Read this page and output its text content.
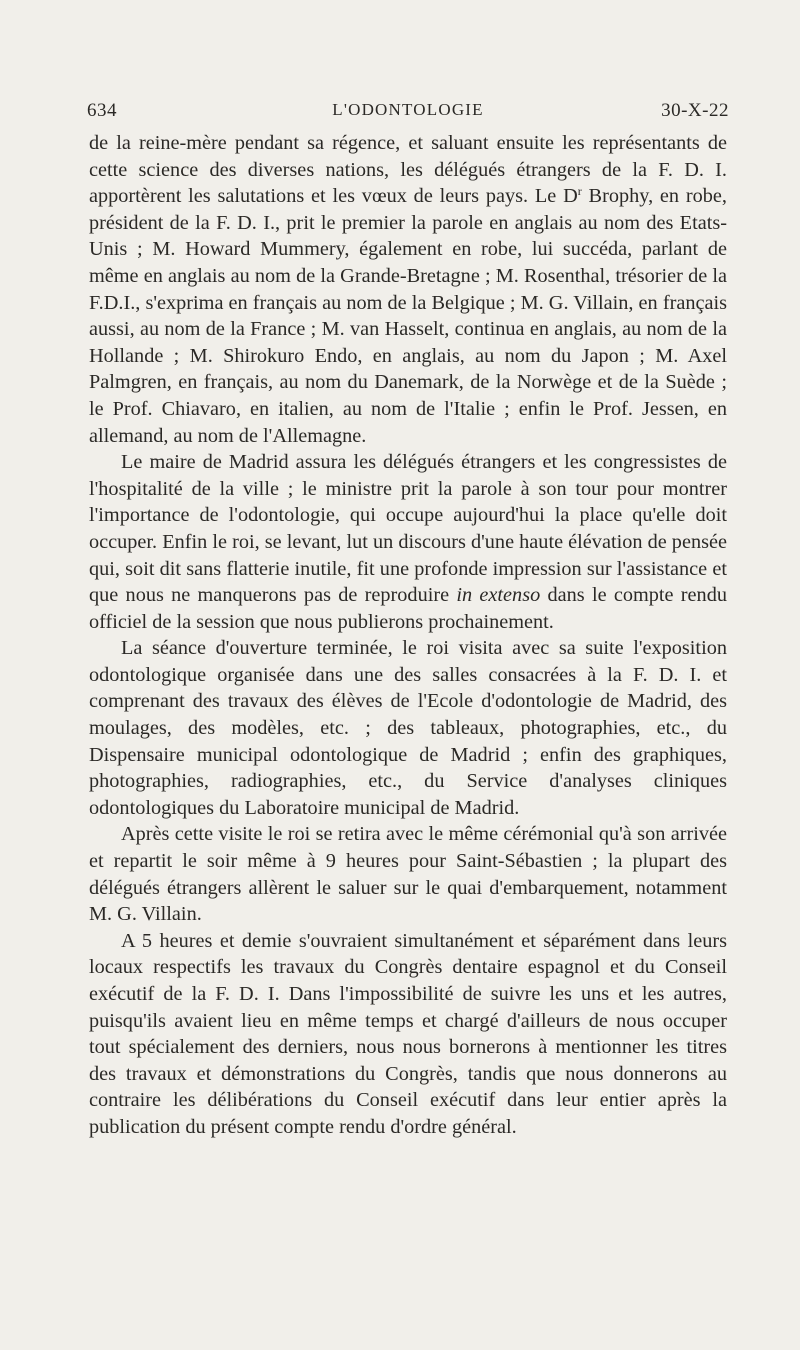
634	L'ODONTOLOGIE	30-X-22

de la reine-mère pendant sa régence, et saluant ensuite les représentants de cette science des diverses nations, les délégués étrangers de la F. D. I. apportèrent les salutations et les vœux de leurs pays. Le $D^r$ Brophy, en robe, président de la F. D. I., prit le premier la parole en anglais au nom des Etats-Unis ; M. Howard Mummery, également en robe, lui succéda, parlant de même en anglais au nom de la Grande-Bretagne ; M. Rosenthal, trésorier de la F.D.I., s'exprima en français au nom de la Belgique ; M. G. Villain, en français aussi, au nom de la France ; M. van Hasselt, continua en anglais, au nom de la Hollande ; M. Shirokuro Endo, en anglais, au nom du Japon ; M. Axel Palmgren, en français, au nom du Danemark, de la Norwège et de la Suède ; le Prof. Chiavaro, en italien, au nom de l'Italie ; enfin le Prof. Jessen, en allemand, au nom de l'Allemagne.

Le maire de Madrid assura les délégués étrangers et les congressistes de l'hospitalité de la ville ; le ministre prit la parole à son tour pour montrer l'importance de l'odontologie, qui occupe aujourd'hui la place qu'elle doit occuper. Enfin le roi, se levant, lut un discours d'une haute élévation de pensée qui, soit dit sans flatterie inutile, fit une profonde impression sur l'assistance et que nous ne manquerons pas de reproduire in extenso dans le compte rendu officiel de la session que nous publierons prochainement.

La séance d'ouverture terminée, le roi visita avec sa suite l'exposition odontologique organisée dans une des salles consacrées à la F. D. I. et comprenant des travaux des élèves de l'Ecole d'odontologie de Madrid, des moulages, des modèles, etc. ; des tableaux, photographies, etc., du Dispensaire municipal odontologique de Madrid ; enfin des graphiques, photographies, radiographies, etc., du Service d'analyses cliniques odontologiques du Laboratoire municipal de Madrid.

Après cette visite le roi se retira avec le même cérémonial qu'à son arrivée et repartit le soir même à 9 heures pour Saint-Sébastien ; la plupart des délégués étrangers allèrent le saluer sur le quai d'embarquement, notamment M. G. Villain.

A 5 heures et demie s'ouvraient simultanément et séparément dans leurs locaux respectifs les travaux du Congrès dentaire espagnol et du Conseil exécutif de la F. D. I. Dans l'impossibilité de suivre les uns et les autres, puisqu'ils avaient lieu en même temps et chargé d'ailleurs de nous occuper tout spécialement des derniers, nous nous bornerons à mentionner les titres des travaux et démonstrations du Congrès, tandis que nous donnerons au contraire les délibérations du Conseil exécutif dans leur entier après la publication du présent compte rendu d'ordre général.
